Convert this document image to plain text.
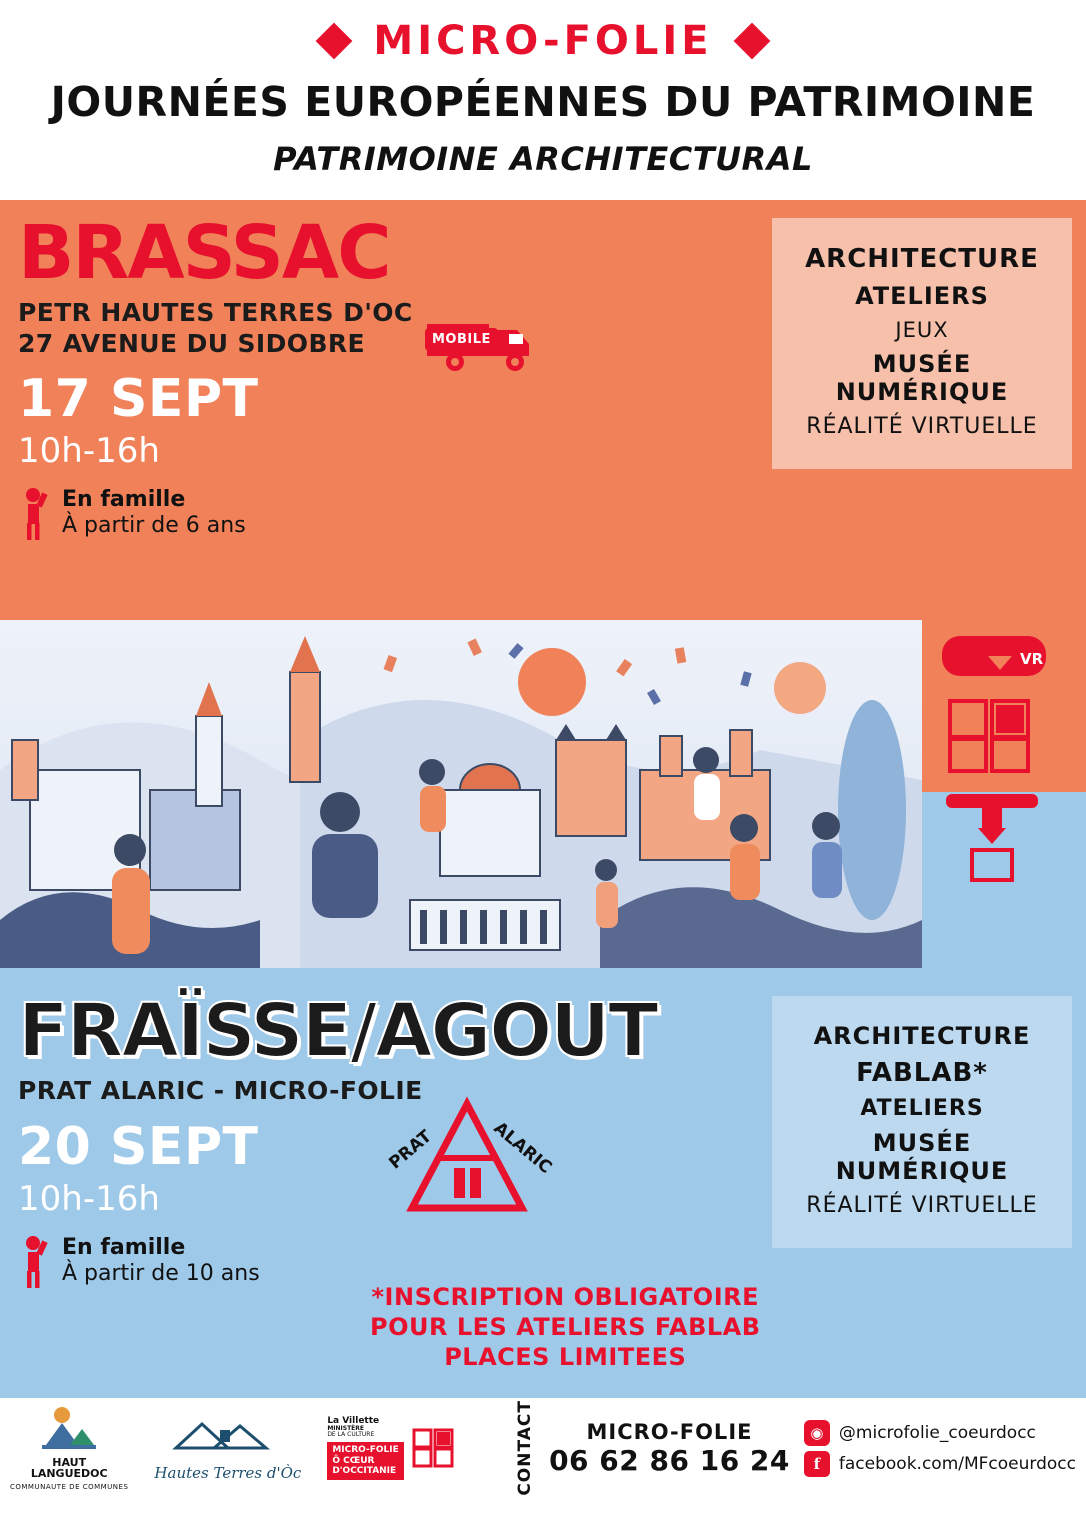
MICRO-FOLIE
JOURNÉES EUROPÉENNES DU PATRIMOINE
PATRIMOINE ARCHITECTURAL
BRASSAC
PETR HAUTES TERRES D'OC
27 AVENUE DU SIDOBRE
17 SEPT
10h-16h
En famille
À partir de 6 ans
MOBILE
ARCHITECTURE
ATELIERS
JEUX
MUSÉE NUMÉRIQUE
RÉALITÉ VIRTUELLE
VR

FRAÏSSE/AGOUT
PRAT ALARIC - MICRO-FOLIE
20 SEPT
10h-16h
En famille
À partir de 10 ans
PRAT	ALARIC
ARCHITECTURE
FABLAB*
ATELIERS
MUSÉE NUMÉRIQUE
RÉALITÉ VIRTUELLE
*INSCRIPTION OBLIGATOIRE
POUR LES ATELIERS FABLAB
PLACES LIMITEES
HAUT
LANGUEDOC
COMMUNAUTE DE COMMUNES
Hautes Terres d'Òc
La Villette
MINISTÈRE
DE LA CULTURE
MICRO-FOLIE
Ô CŒUR
D'OCCITANIE	CONTACT	MICRO-FOLIE
06 62 86 16 24
◉ @microfolie_coeurdocc
f	facebook.com/MFcoeurdocc
